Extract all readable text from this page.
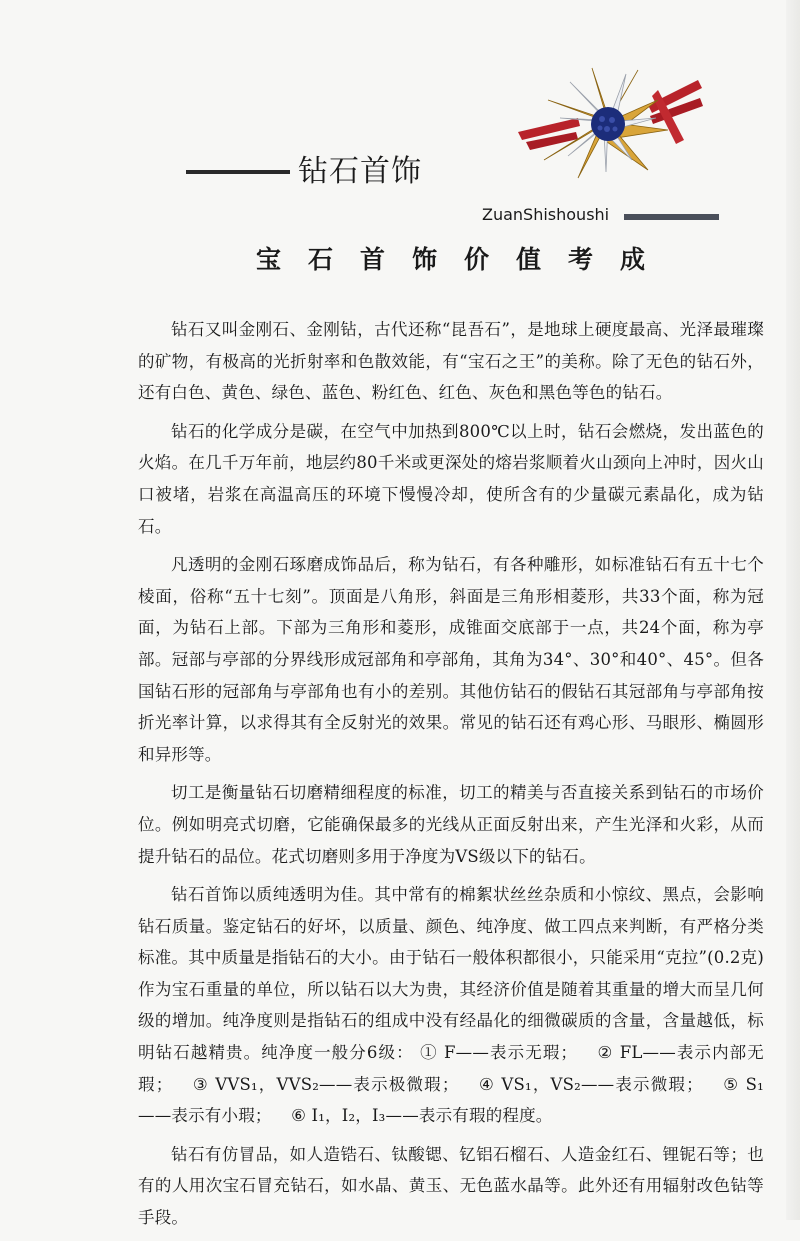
钻石首饰
ZuanShishoushi
宝石首饰价值考成

钻石又叫金刚石、金刚钻，古代还称“昆吾石”，是地球上硬度最高、光泽最璀璨的矿物，有极高的光折射率和色散效能，有“宝石之王”的美称。除了无色的钻石外，还有白色、黄色、绿色、蓝色、粉红色、红色、灰色和黑色等色的钻石。

钻石的化学成分是碳，在空气中加热到800℃以上时，钻石会燃烧，发出蓝色的火焰。在几千万年前，地层约80千米或更深处的熔岩浆顺着火山颈向上冲时，因火山口被堵，岩浆在高温高压的环境下慢慢冷却，使所含有的少量碳元素晶化，成为钻石。

凡透明的金刚石琢磨成饰品后，称为钻石，有各种雕形，如标准钻石有五十七个棱面，俗称“五十七刻”。顶面是八角形，斜面是三角形相菱形，共33个面，称为冠面，为钻石上部。下部为三角形和菱形，成锥面交底部于一点，共24个面，称为亭部。冠部与亭部的分界线形成冠部角和亭部角，其角为34°、30°和40°、45°。但各国钻石形的冠部角与亭部角也有小的差别。其他仿钻石的假钻石其冠部角与亭部角按折光率计算，以求得其有全反射光的效果。常见的钻石还有鸡心形、马眼形、椭圆形和异形等。

切工是衡量钻石切磨精细程度的标准，切工的精美与否直接关系到钻石的市场价位。例如明亮式切磨，它能确保最多的光线从正面反射出来，产生光泽和火彩，从而提升钻石的品位。花式切磨则多用于净度为VS级以下的钻石。

钻石首饰以质纯透明为佳。其中常有的棉絮状丝丝杂质和小惊纹、黑点，会影响钻石质量。鉴定钻石的好坏，以质量、颜色、纯净度、做工四点来判断，有严格分类标准。其中质量是指钻石的大小。由于钻石一般体积都很小，只能采用“克拉”(0.2克)作为宝石重量的单位，所以钻石以大为贵，其经济价值是随着其重量的增大而呈几何级的增加。纯净度则是指钻石的组成中没有经晶化的细微碳质的含量，含量越低，标明钻石越精贵。纯净度一般分6级： ① F——表示无瑕； ② FL——表示内部无瑕； ③ VVS₁，VVS₂——表示极微瑕； ④ VS₁，VS₂——表示微瑕； ⑤ S₁——表示有小瑕； ⑥ I₁，I₂，I₃——表示有瑕的程度。

钻石有仿冒品，如人造锆石、钛酸锶、钇铝石榴石、人造金红石、锂铌石等；也有的人用次宝石冒充钻石，如水晶、黄玉、无色蓝水晶等。此外还有用辐射改色钻等手段。
